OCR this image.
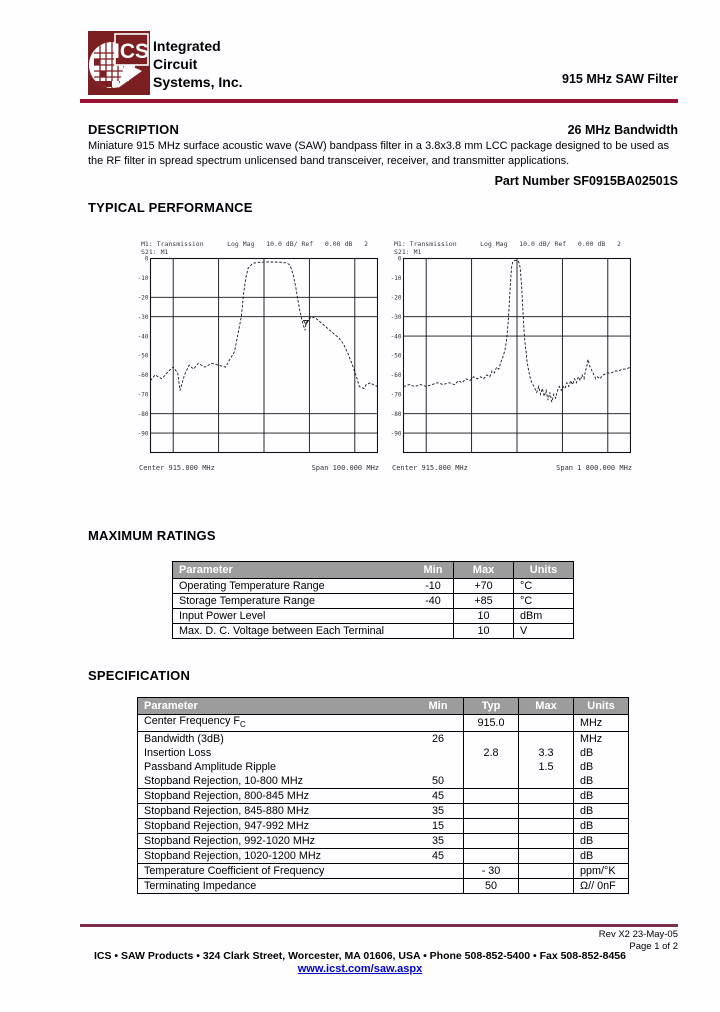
ICS Integrated
Circuit
Systems, Inc.

	915 MHz SAW Filter

26 MHz Bandwidth

Part Number SF0915BA02501S

DESCRIPTION
Miniature 915 MHz surface acoustic wave (SAW) bandpass filter in a 3.8x3.8 mm LCC package designed to be used as the RF filter in spread spectrum unlicensed band transceiver, receiver, and transmitter applications.
TYPICAL PERFORMANCE
M1: Transmission      Log Mag   10.0 dB/ Ref   0.00 dB   2
S21: M1
0
-10
-20
-30
-40
-50
-60
-70
-80
-90
Center 915.000 MHz	Span 100.000 MHz
M1: Transmission      Log Mag   10.0 dB/ Ref   0.00 dB   2
S21: M1
0
-10
-20
-30
-40
-50
-60
-70
-80
-90
Center 915.000 MHz	Span 1 800.000 MHz
MAXIMUM RATINGS
Parameter	Min	Max	Units
Operating Temperature Range	-10	+70	°C
Storage Temperature Range	-40	+85	°C
Input Power Level		10	dBm
Max. D. C. Voltage between Each Terminal		10	V
SPECIFICATION
Parameter	Min	Typ	Max	Units
Center Frequency $F_C$		915.0		MHz
Bandwidth (3dB)	26			MHz
Insertion Loss		2.8	3.3	dB
Passband Amplitude Ripple			1.5	dB
Stopband Rejection, 10-800 MHz	50			dB
Stopband Rejection, 800-845 MHz	45			dB
Stopband Rejection, 845-880 MHz	35			dB
Stopband Rejection, 947-992 MHz	15			dB
Stopband Rejection, 992-1020 MHz	35			dB
Stopband Rejection, 1020-1200 MHz	45			dB
Temperature Coefficient of Frequency		- 30		ppm/°K
Terminating Impedance		50		Ω// 0nF
Rev X2 23-May-05
Page 1 of 2
ICS • SAW Products • 324 Clark Street, Worcester, MA 01606, USA • Phone 508-852-5400 • Fax 508-852-8456
www.icst.com/saw.aspx
